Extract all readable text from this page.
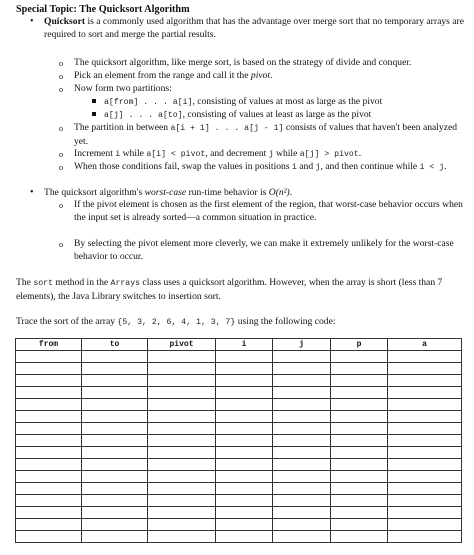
Special Topic: The Quicksort Algorithm
• Quicksort is a commonly used algorithm that has the advantage over merge sort that no temporary arrays are required to sort and merge the partial results.
o The quicksort algorithm, like merge sort, is based on the strategy of divide and conquer.
o Pick an element from the range and call it the pivot.
o Now form two partitions:
a[from] . . . a[i], consisting of values at most as large as the pivot
a[j] . . . a[to], consisting of values at least as large as the pivot
o The partition in between a[i + 1] . . . a[j - 1] consists of values that haven't been analyzed yet.
o Increment i while a[i] < pivot, and decrement j while a[j] > pivot.
o When those conditions fail, swap the values in positions i and j, and then continue while i < j.
• The quicksort algorithm's worst-case run-time behavior is O(n²).
o If the pivot element is chosen as the first element of the region, that worst-case behavior occurs when the input set is already sorted—a common situation in practice.
o By selecting the pivot element more cleverly, we can make it extremely unlikely for the worst-case behavior to occur.
The sort method in the Arrays class uses a quicksort algorithm. However, when the array is short (less than 7 elements), the Java Library switches to insertion sort.
Trace the sort of the array {5, 3, 2, 6, 4, 1, 3, 7} using the following code:
from	to	pivot	i	j	p	a
